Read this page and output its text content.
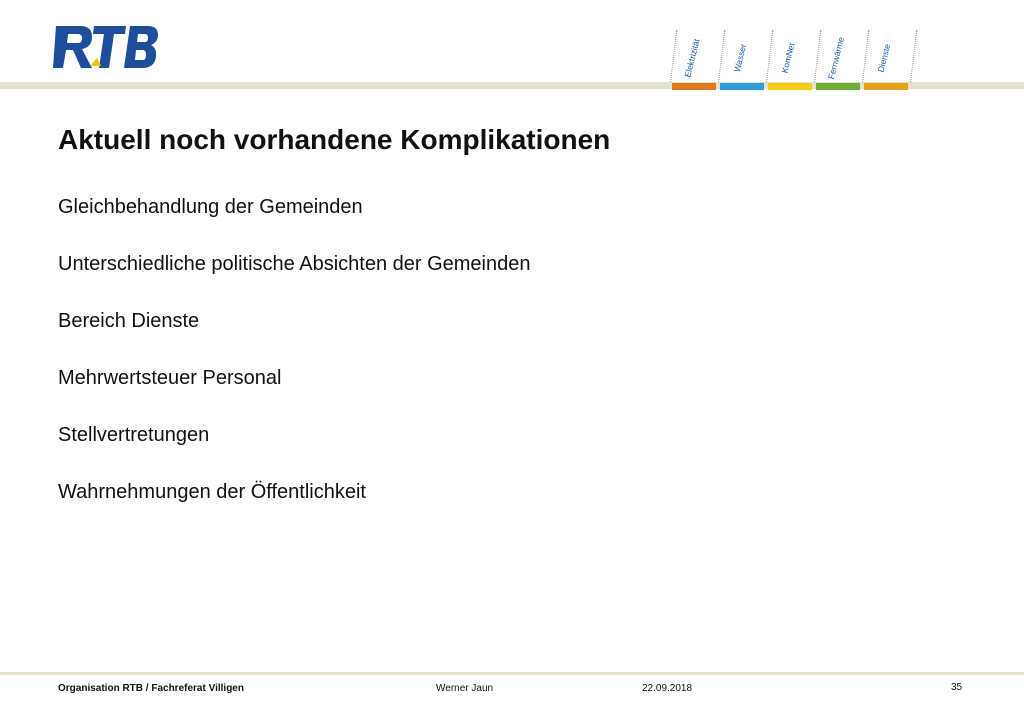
Elektrizität	Wasser	KomNet	Fernwärme	Dienste
Aktuell noch vorhandene Komplikationen
Gleichbehandlung der Gemeinden
Unterschiedliche politische Absichten der Gemeinden
Bereich Dienste
Mehrwertsteuer Personal
Stellvertretungen
Wahrnehmungen der Öffentlichkeit
Organisation RTB / Fachreferat Villigen	Werner Jaun	22.09.2018	35
